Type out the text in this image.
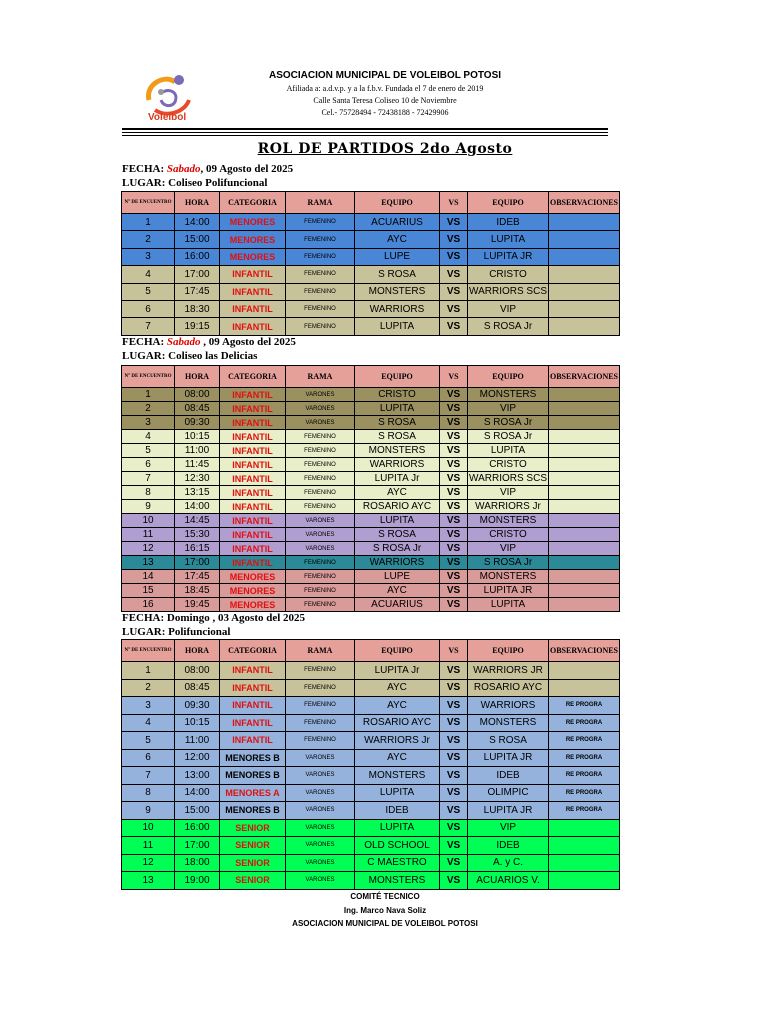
Voleibol
ASOCIACION MUNICIPAL DE VOLEIBOL POTOSI
Afiliada a: a.d.v.p. y a la f.b.v. Fundada el 7 de enero de 2019
Calle Santa Teresa Coliseo 10 de Noviembre
Cel.- 75728494 - 72438188 - 72429906
ROL DE PARTIDOS 2do Agosto
FECHA: Sabado, 09 Agosto del 2025
LUGAR: Coliseo Polifuncional
N° DE ENCUENTRO	HORA	CATEGORIA	RAMA	EQUIPO	VS	EQUIPO	OBSERVACIONES
1	14:00	MENORES	FEMENINO	ACUARIUS	VS	IDEB	
2	15:00	MENORES	FEMENINO	AYC	VS	LUPITA	
3	16:00	MENORES	FEMENINO	LUPE	VS	LUPITA JR	
4	17:00	INFANTIL	FEMENINO	S ROSA	VS	CRISTO	
5	17:45	INFANTIL	FEMENINO	MONSTERS	VS	WARRIORS SCS	
6	18:30	INFANTIL	FEMENINO	WARRIORS	VS	VIP	
7	19:15	INFANTIL	FEMENINO	LUPITA	VS	S ROSA Jr	
FECHA: Sabado , 09 Agosto del 2025
LUGAR: Coliseo las Delicias
N° DE ENCUENTRO	HORA	CATEGORIA	RAMA	EQUIPO	VS	EQUIPO	OBSERVACIONES
1	08:00	INFANTIL	VARONES	CRISTO	VS	MONSTERS	
2	08:45	INFANTIL	VARONES	LUPITA	VS	VIP	
3	09:30	INFANTIL	VARONES	S ROSA	VS	S ROSA Jr	
4	10:15	INFANTIL	FEMENINO	S ROSA	VS	S ROSA Jr	
5	11:00	INFANTIL	FEMENINO	MONSTERS	VS	LUPITA	
6	11:45	INFANTIL	FEMENINO	WARRIORS	VS	CRISTO	
7	12:30	INFANTIL	FEMENINO	LUPITA Jr	VS	WARRIORS SCS	
8	13:15	INFANTIL	FEMENINO	AYC	VS	VIP	
9	14:00	INFANTIL	FEMENINO	ROSARIO AYC	VS	WARRIORS Jr	
10	14:45	INFANTIL	VARONES	LUPITA	VS	MONSTERS	
11	15:30	INFANTIL	VARONES	S ROSA	VS	CRISTO	
12	16:15	INFANTIL	VARONES	S ROSA Jr	VS	VIP	
13	17:00	INFANTIL	FEMENINO	WARRIORS	VS	S ROSA Jr	
14	17:45	MENORES	FEMENINO	LUPE	VS	MONSTERS	
15	18:45	MENORES	FEMENINO	AYC	VS	LUPITA JR	
16	19:45	MENORES	FEMENINO	ACUARIUS	VS	LUPITA	
FECHA: Domingo , 03 Agosto del 2025
LUGAR: Polifuncional
N° DE ENCUENTRO	HORA	CATEGORIA	RAMA	EQUIPO	VS	EQUIPO	OBSERVACIONES
1	08:00	INFANTIL	FEMENINO	LUPITA Jr	VS	WARRIORS JR	
2	08:45	INFANTIL	FEMENINO	AYC	VS	ROSARIO AYC	
3	09:30	INFANTIL	FEMENINO	AYC	VS	WARRIORS	RE PROGRA
4	10:15	INFANTIL	FEMENINO	ROSARIO AYC	VS	MONSTERS	RE PROGRA
5	11:00	INFANTIL	FEMENINO	WARRIORS Jr	VS	S ROSA	RE PROGRA
6	12:00	MENORES B	VARONES	AYC	VS	LUPITA JR	RE PROGRA
7	13:00	MENORES B	VARONES	MONSTERS	VS	IDEB	RE PROGRA
8	14:00	MENORES A	VARONES	LUPITA	VS	OLIMPIC	RE PROGRA
9	15:00	MENORES B	VARONES	IDEB	VS	LUPITA JR	RE PROGRA
10	16:00	SENIOR	VARONES	LUPITA	VS	VIP	
11	17:00	SENIOR	VARONES	OLD SCHOOL	VS	IDEB	
12	18:00	SENIOR	VARONES	C MAESTRO	VS	A. y C.	
13	19:00	SENIOR	VARONES	MONSTERS	VS	ACUARIOS V.	
COMITÉ TECNICO
Ing. Marco Nava Soliz
ASOCIACION MUNICIPAL DE VOLEIBOL POTOSI
